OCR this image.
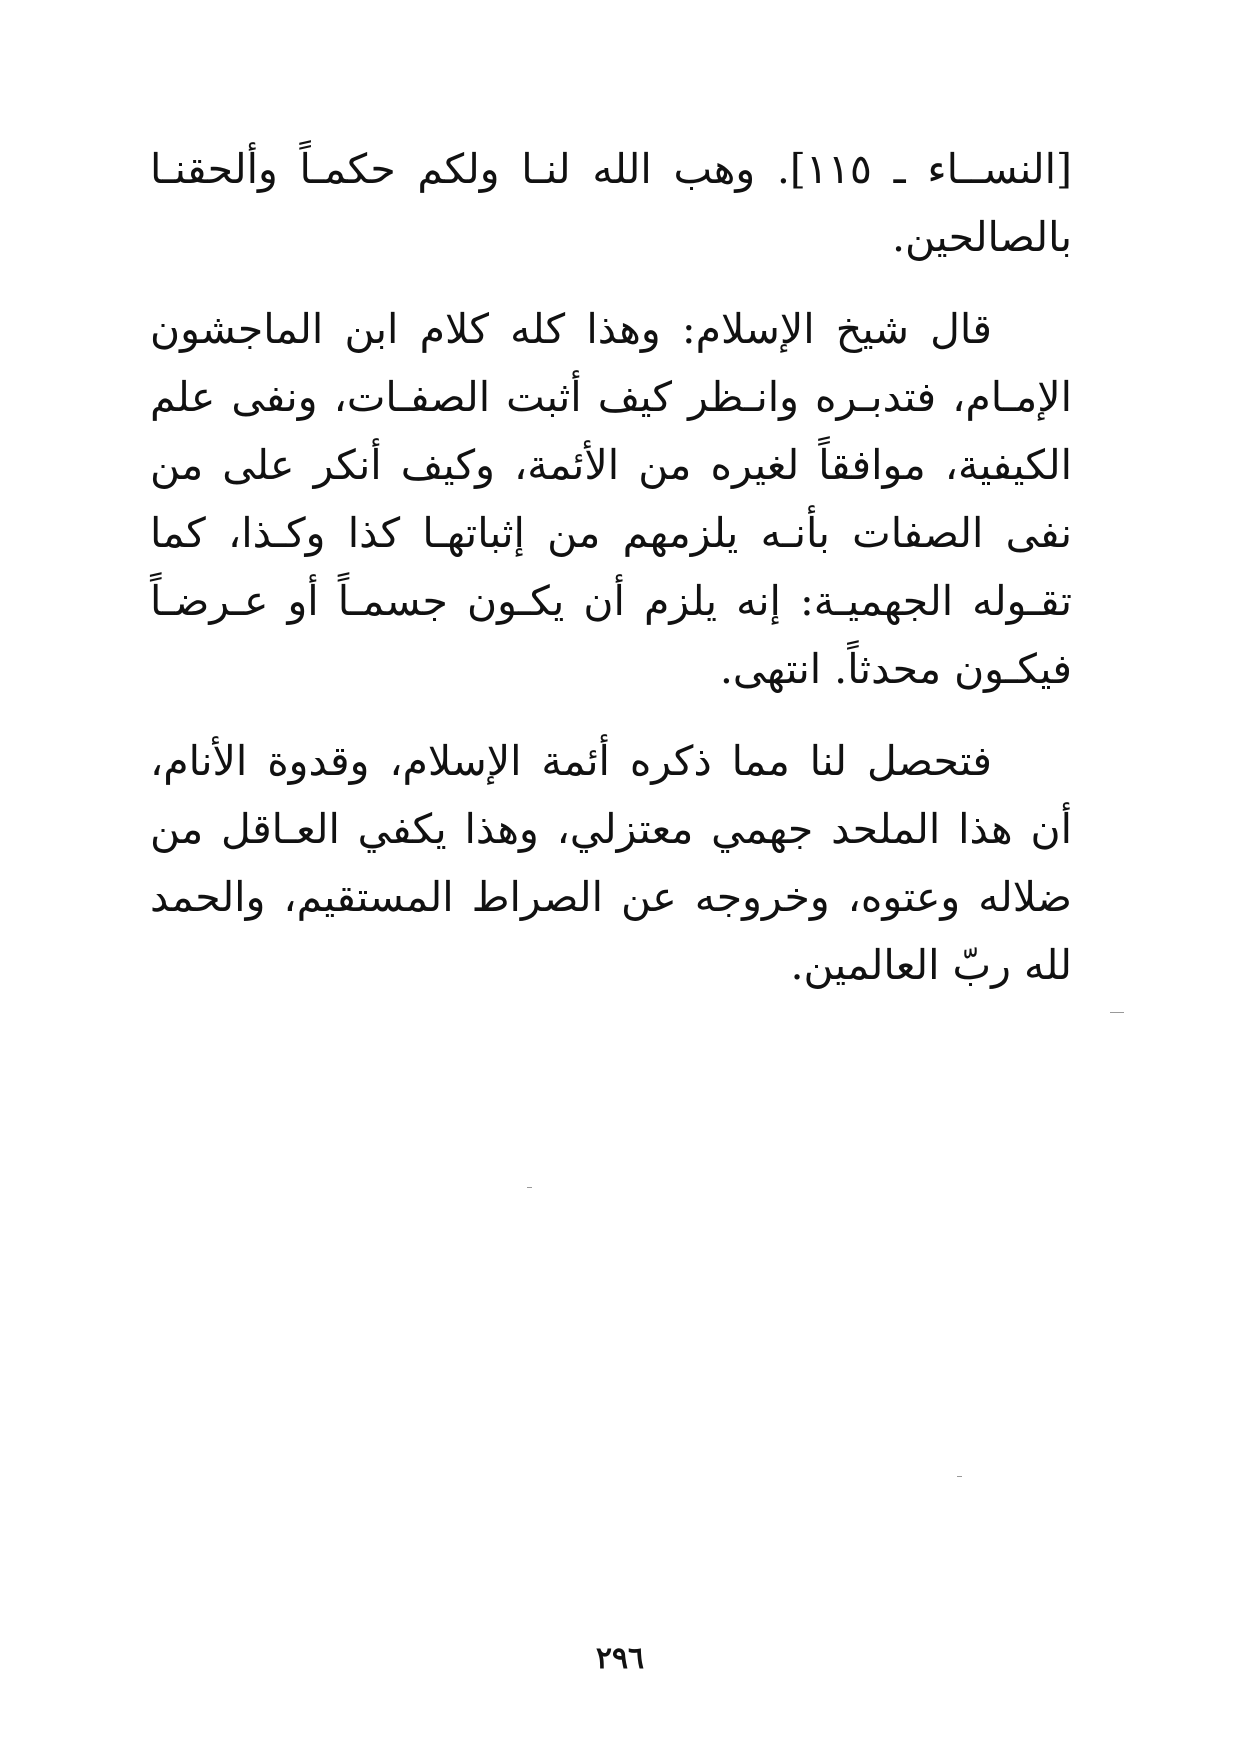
[النســاء ـ ١١٥]. وهب الله لنـا ولكم حكمـاً وألحقنـا بالصالحين.

قال شيخ الإسلام: وهذا كله كلام ابن الماجشون الإمـام، فتدبـره وانـظر كيف أثبت الصفـات، ونفى علم الكيفية، موافقاً لغيره من الأئمة، وكيف أنكر على من نفى الصفات بأنـه يلزمهم من إثباتهـا كذا وكـذا، كما تقـوله الجهميـة: إنه يلزم أن يكـون جسمـاً أو عـرضـاً فيكـون محدثاً. انتهى.

فتحصل لنا مما ذكره أئمة الإسلام، وقدوة الأنام، أن هذا الملحد جهمي معتزلي، وهذا يكفي العـاقل من ضلاله وعتوه، وخروجه عن الصراط المستقيم، والحمد لله ربّ العالمين.

٢٩٦
